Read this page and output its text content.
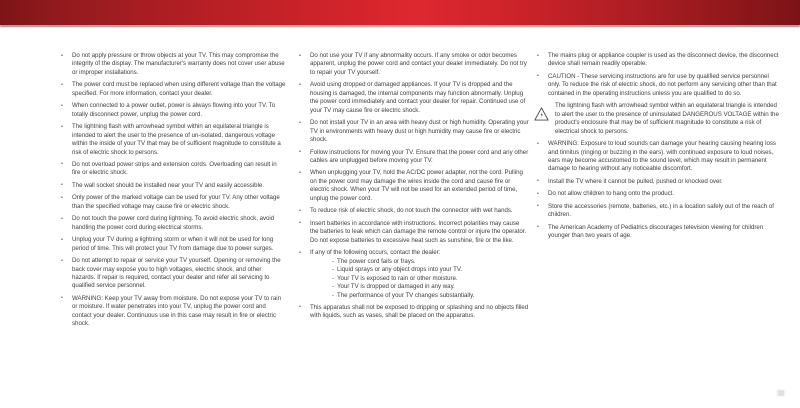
• Do not apply pressure or throw objects at your TV. This may compromise the integrity of the display. The manufacturer's warranty does not cover user abuse or improper installations.
• The power cord must be replaced when using different voltage than the voltage specified. For more information, contact your dealer.
• When connected to a power outlet, power is always flowing into your TV. To totally disconnect power, unplug the power cord.
• The lightning flash with arrowhead symbol within an equilateral triangle is intended to alert the user to the presence of un-isolated, dangerous voltage within the inside of your TV that may be of sufficient magnitude to constitute a risk of electric shock to persons.
• Do not overload power strips and extension cords. Overloading can result in fire or electric shock.
• The wall socket should be installed near your TV and easily accessible.
• Only power of the marked voltage can be used for your TV. Any other voltage than the specified voltage may cause fire or electric shock.
• Do not touch the power cord during lightning. To avoid electric shock, avoid handling the power cord during electrical storms.
• Unplug your TV during a lightning storm or when it will not be used for long period of time. This will protect your TV from damage due to power surges.
• Do not attempt to repair or service your TV yourself. Opening or removing the back cover may expose you to high voltages, electric shock, and other hazards. If repair is required, contact your dealer and refer all servicing to qualified service personnel.
• WARNING: Keep your TV away from moisture. Do not expose your TV to rain or moisture. If water penetrates into your TV, unplug the power cord and contact your dealer. Continuous use in this case may result in fire or electric shock.
• Do not use your TV if any abnormality occurs. If any smoke or odor becomes apparent, unplug the power cord and contact your dealer immediately. Do not try to repair your TV yourself.
• Avoid using dropped or damaged appliances. If your TV is dropped and the housing is damaged, the internal components may function abnormally. Unplug the power cord immediately and contact your dealer for repair. Continued use of your TV may cause fire or electric shock.
• Do not install your TV in an area with heavy dust or high humidity. Operating your TV in environments with heavy dust or high humidity may cause fire or electric shock.
• Follow instructions for moving your TV. Ensure that the power cord and any other cables are unplugged before moving your TV.
• When unplugging your TV, hold the AC/DC power adapter, not the cord. Pulling on the power cord may damage the wires inside the cord and cause fire or electric shock. When your TV will not be used for an extended period of time, unplug the power cord.
• To reduce risk of electric shock, do not touch the connector with wet hands.
• Insert batteries in accordance with instructions. Incorrect polarities may cause the batteries to leak which can damage the remote control or injure the operator. Do not expose batteries to excessive heat such as sunshine, fire or the like.
• If any of the following occurs, contact the dealer:
- The power cord fails or frays.
- Liquid sprays or any object drops into your TV.
- Your TV is exposed to rain or other moisture.
- Your TV is dropped or damaged in any way.
- The performance of your TV changes substantially.
• This apparatus shall not be exposed to dripping or splashing and no objects filled with liquids, such as vases, shall be placed on the apparatus.
• The mains plug or appliance coupler is used as the disconnect device, the disconnect device shall remain readily operable.
• CAUTION - These servicing instructions are for use by qualified service personnel only. To reduce the risk of electric shock, do not perform any servicing other than that contained in the operating instructions unless you are qualified to do so.
The lightning flash with arrowhead symbol within an equilateral triangle is intended to alert the user to the presence of uninsulated DANGEROUS VOLTAGE within the product's enclosure that may be of sufficient magnitude to constitute a risk of electrical shock to persons.
• WARNING: Exposure to loud sounds can damage your hearing causing hearing loss and tinnitus (ringing or buzzing in the ears). with continued exposure to loud noises, ears may become accustomed to the sound level, which may result in permanent damage to hearing without any noticeable discomfort.
• Install the TV where it cannot be pulled, pushed or knocked over.
• Do not allow children to hang onto the product.
• Store the accessories (remote, batteries, etc.) in a location safely out of the reach of children.
• The American Academy of Pediatrics discourages television viewing for children younger than two years of age.
